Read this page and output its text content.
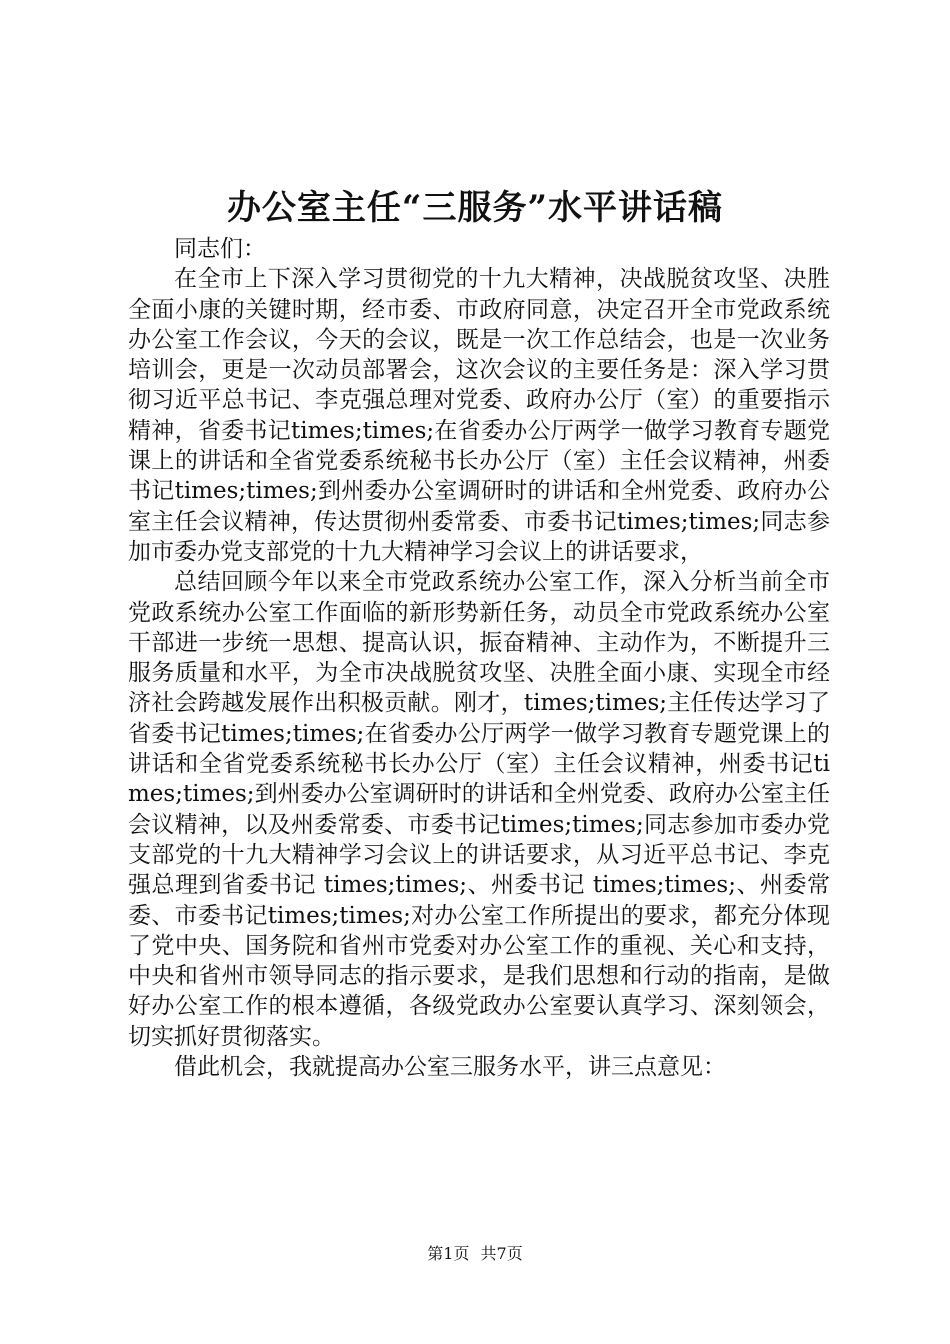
办公室主任“三服务”水平讲话稿

同志们：

在全市上下深入学习贯彻党的十九大精神，决战脱贫攻坚、决胜全面小康的关键时期，经市委、市政府同意，决定召开全市党政系统办公室工作会议，今天的会议，既是一次工作总结会，也是一次业务培训会，更是一次动员部署会，这次会议的主要任务是：深入学习贯彻习近平总书记、李克强总理对党委、政府办公厅（室）的重要指示精神，省委书记times;times;在省委办公厅两学一做学习教育专题党课上的讲话和全省党委系统秘书长办公厅（室）主任会议精神，州委书记times;times;到州委办公室调研时的讲话和全州党委、政府办公室主任会议精神，传达贯彻州委常委、市委书记times;times;同志参加市委办党支部党的十九大精神学习会议上的讲话要求，

总结回顾今年以来全市党政系统办公室工作，深入分析当前全市党政系统办公室工作面临的新形势新任务，动员全市党政系统办公室干部进一步统一思想、提高认识，振奋精神、主动作为，不断提升三服务质量和水平，为全市决战脱贫攻坚、决胜全面小康、实现全市经济社会跨越发展作出积极贡献。刚才，times;times;主任传达学习了省委书记times;times;在省委办公厅两学一做学习教育专题党课上的讲话和全省党委系统秘书长办公厅（室）主任会议精神，州委书记times;times;到州委办公室调研时的讲话和全州党委、政府办公室主任会议精神，以及州委常委、市委书记times;times;同志参加市委办党支部党的十九大精神学习会议上的讲话要求，从习近平总书记、李克强总理到省委书记 times;times;、州委书记 times;times;、州委常委、市委书记times;times;对办公室工作所提出的要求，都充分体现了党中央、国务院和省州市党委对办公室工作的重视、关心和支持，中央和省州市领导同志的指示要求，是我们思想和行动的指南，是做好办公室工作的根本遵循，各级党政办公室要认真学习、深刻领会，切实抓好贯彻落实。

借此机会，我就提高办公室三服务水平，讲三点意见：

第1页 共7页
